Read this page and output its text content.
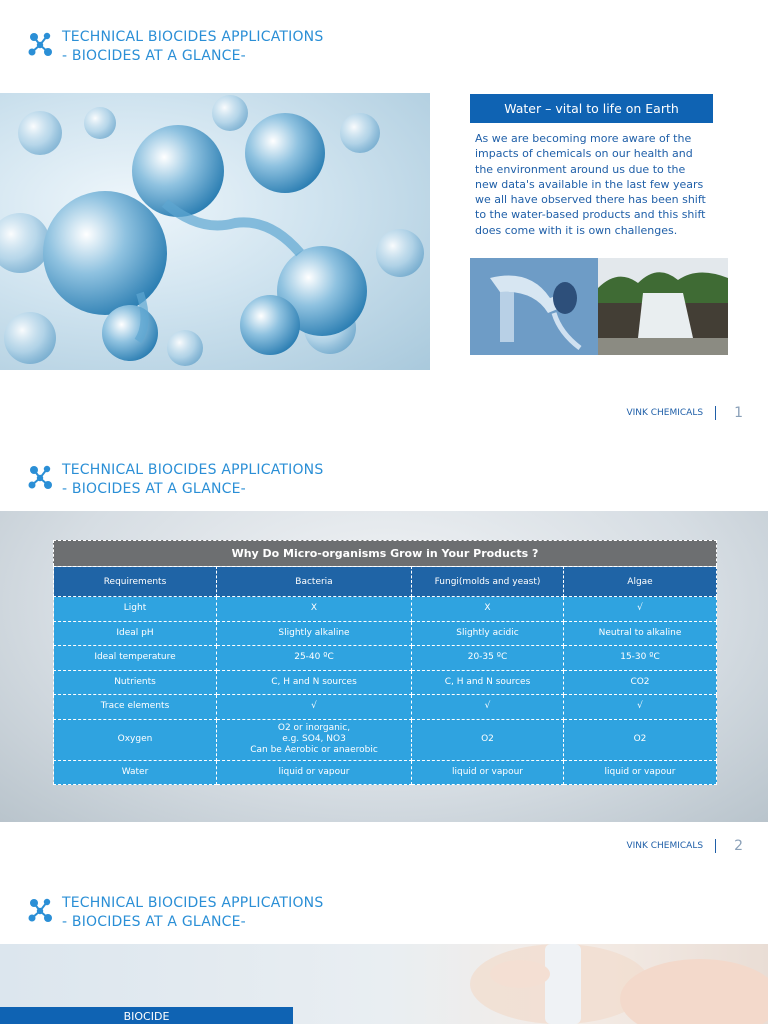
TECHNICAL BIOCIDES APPLICATIONS
- BIOCIDES AT A GLANCE-
Water – vital to life on Earth

As we are becoming more aware of the impacts of chemicals on our health and the environment around us due to the new data's available in the last few years we all have observed there has been shift to the water-based products and this shift does come with it is own challenges.

VINK CHEMICALS 1
TECHNICAL BIOCIDES APPLICATIONS
- BIOCIDES AT A GLANCE-
Why Do Micro-organisms Grow in Your Products ?
Requirements	Bacteria	Fungi(molds and yeast)	Algae
Light	X	X	√
Ideal pH	Slightly alkaline	Slightly acidic	Neutral to alkaline
Ideal temperature	25-40 ºC	20-35 ºC	15-30 ºC
Nutrients	C, H and N sources	C, H and N sources	CO2
Trace elements	√	√	√
Oxygen	O2 or inorganic,
e.g. SO4, NO3
Can be Aerobic or anaerobic	O2	O2
Water	liquid or vapour	liquid or vapour	liquid or vapour
VINK CHEMICALS 2
TECHNICAL BIOCIDES APPLICATIONS
- BIOCIDES AT A GLANCE-
BIOCIDE
